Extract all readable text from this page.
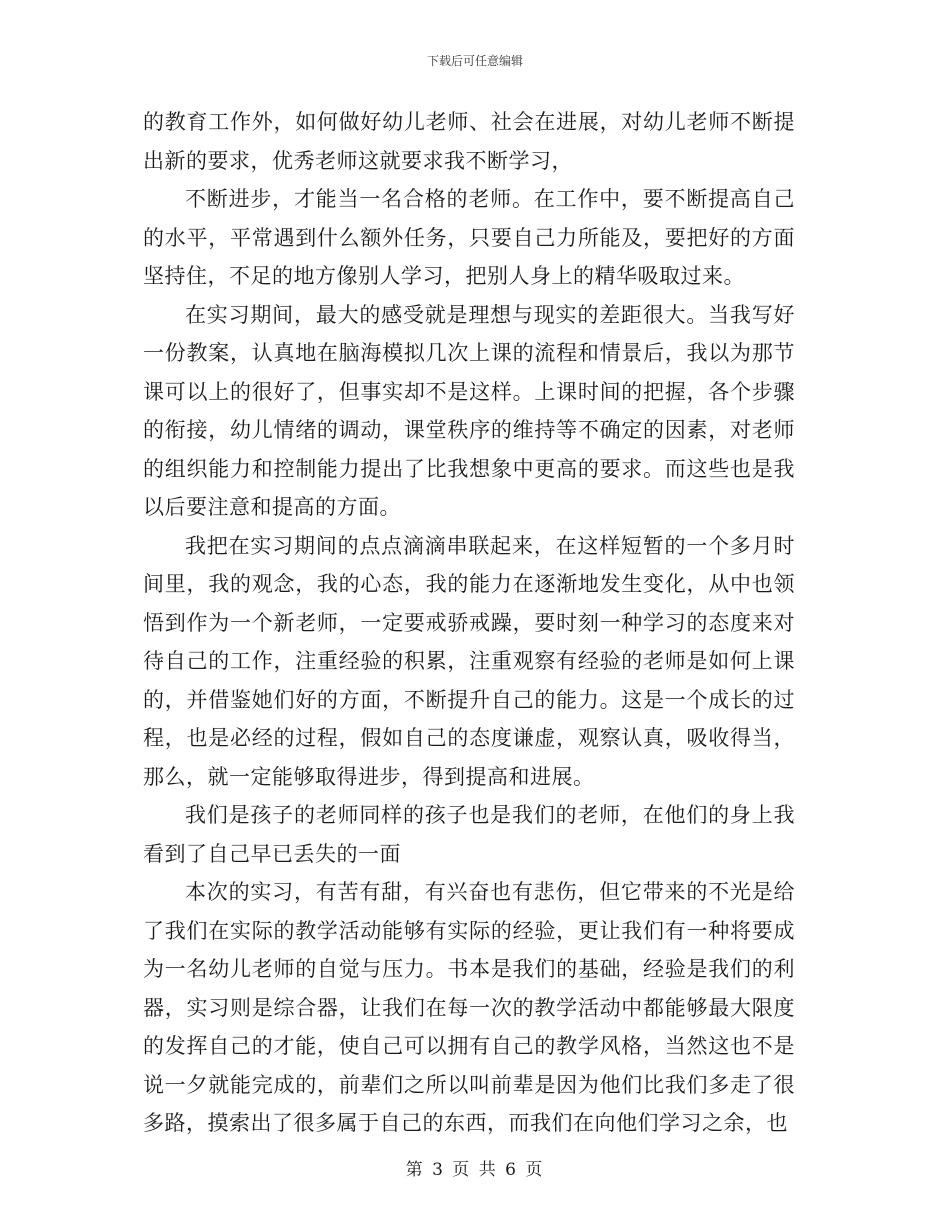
下载后可任意编辑

的教育工作外，如何做好幼儿老师、社会在进展，对幼儿老师不断提出新的要求，优秀老师这就要求我不断学习，

不断进步，才能当一名合格的老师。在工作中，要不断提高自己的水平，平常遇到什么额外任务，只要自己力所能及，要把好的方面坚持住，不足的地方像别人学习，把别人身上的精华吸取过来。

在实习期间，最大的感受就是理想与现实的差距很大。当我写好一份教案，认真地在脑海模拟几次上课的流程和情景后，我以为那节课可以上的很好了，但事实却不是这样。上课时间的把握，各个步骤的衔接，幼儿情绪的调动，课堂秩序的维持等不确定的因素，对老师的组织能力和控制能力提出了比我想象中更高的要求。而这些也是我以后要注意和提高的方面。

我把在实习期间的点点滴滴串联起来，在这样短暂的一个多月时间里，我的观念，我的心态，我的能力在逐渐地发生变化，从中也领悟到作为一个新老师，一定要戒骄戒躁，要时刻一种学习的态度来对待自己的工作，注重经验的积累，注重观察有经验的老师是如何上课的，并借鉴她们好的方面，不断提升自己的能力。这是一个成长的过程，也是必经的过程，假如自己的态度谦虚，观察认真，吸收得当，那么，就一定能够取得进步，得到提高和进展。

我们是孩子的老师同样的孩子也是我们的老师，在他们的身上我看到了自己早已丢失的一面

本次的实习，有苦有甜，有兴奋也有悲伤，但它带来的不光是给了我们在实际的教学活动能够有实际的经验，更让我们有一种将要成为一名幼儿老师的自觉与压力。书本是我们的基础，经验是我们的利器，实习则是综合器，让我们在每一次的教学活动中都能够最大限度的发挥自己的才能，使自己可以拥有自己的教学风格，当然这也不是说一夕就能完成的，前辈们之所以叫前辈是因为他们比我们多走了很多路，摸索出了很多属于自己的东西，而我们在向他们学习之余，也

第 3 页 共 6 页
